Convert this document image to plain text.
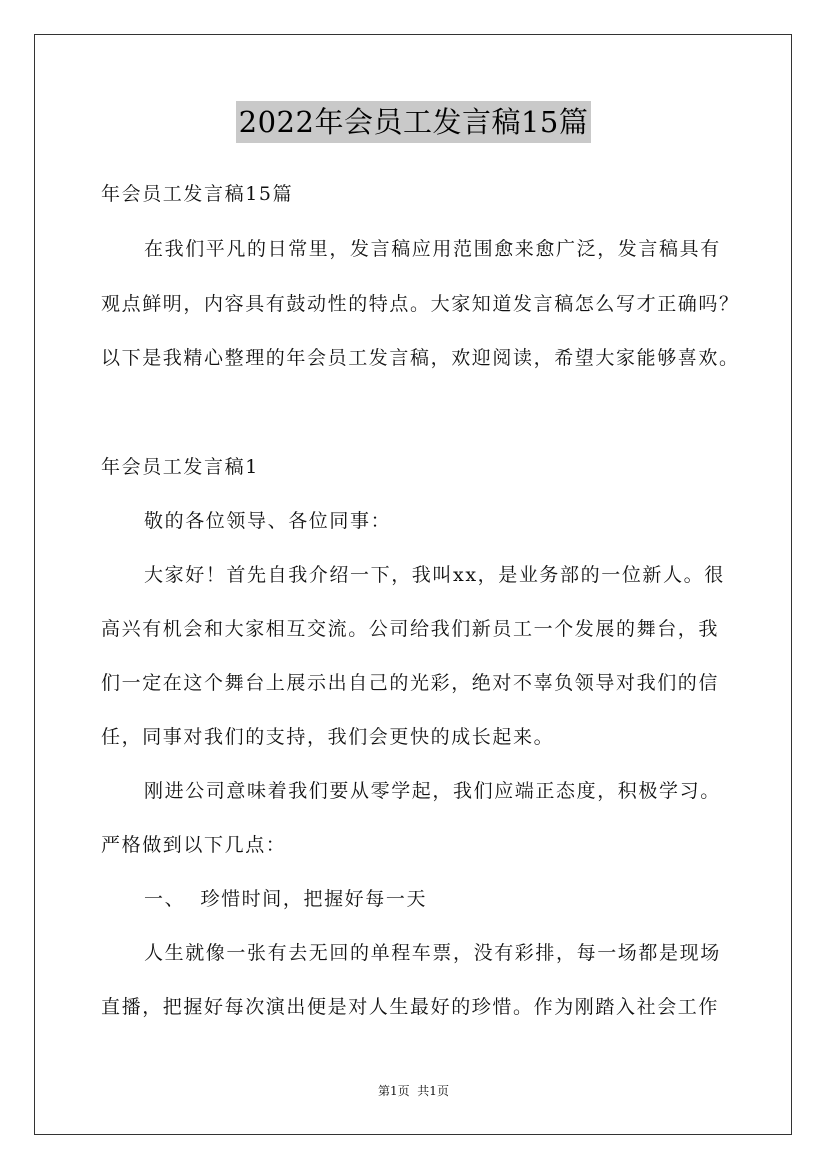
2022年会员工发言稿15篇
年会员工发言稿15篇
在我们平凡的日常里，发言稿应用范围愈来愈广泛，发言稿具有
观点鲜明，内容具有鼓动性的特点。大家知道发言稿怎么写才正确吗？
以下是我精心整理的年会员工发言稿，欢迎阅读，希望大家能够喜欢。
年会员工发言稿1
敬的各位领导、各位同事：
大家好！首先自我介绍一下，我叫xx，是业务部的一位新人。很
高兴有机会和大家相互交流。公司给我们新员工一个发展的舞台，我
们一定在这个舞台上展示出自己的光彩，绝对不辜负领导对我们的信
任，同事对我们的支持，我们会更快的成长起来。
刚进公司意味着我们要从零学起，我们应端正态度，积极学习。
严格做到以下几点：
一、  珍惜时间，把握好每一天
人生就像一张有去无回的单程车票，没有彩排，每一场都是现场
直播，把握好每次演出便是对人生最好的珍惜。作为刚踏入社会工作
第1页  共1页
